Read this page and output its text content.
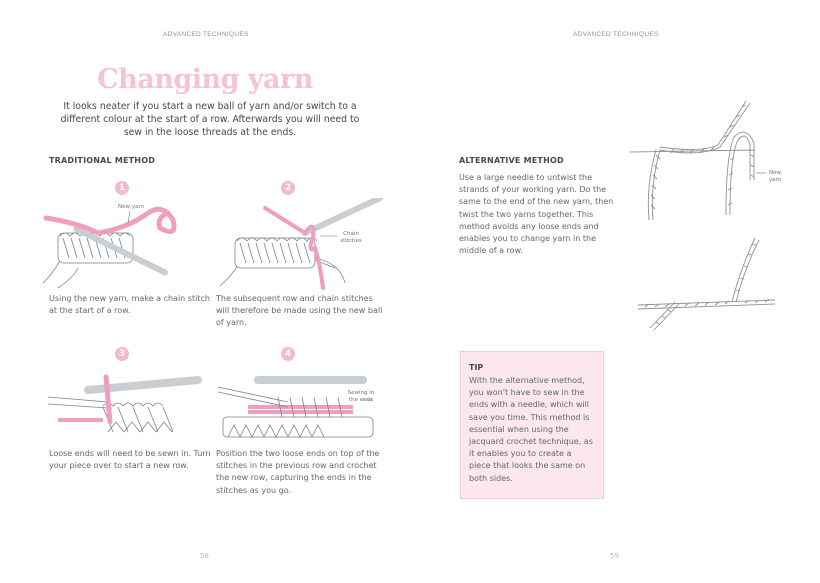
ADVANCED TECHNIQUES
Changing yarn
It looks neater if you start a new ball of yarn and/or switch to a different colour at the start of a row. Afterwards you will need to sew in the loose threads at the ends.
TRADITIONAL METHOD
1
New yarn
Using the new yarn, make a chain stitch at the start of a row.
2
Chain stitches
The subsequent row and chain stitches will therefore be made using the new ball of yarn.
3
Loose ends will need to be sewn in. Turn your piece over to start a new row.
4
Sewing in the ends
Position the two loose ends on top of the stitches in the previous row and crochet the new row, capturing the ends in the stitches as you go.
58
ADVANCED TECHNIQUES
ALTERNATIVE METHOD
Use a large needle to untwist the strands of your working yarn. Do the same to the end of the new yarn, then twist the two yarns together. This method avoids any loose ends and enables you to change yarn in the middle of a row.
New yarn
TIP
With the alternative method, you won't have to sew in the ends with a needle, which will save you time. This method is essential when using the jacquard crochet technique, as it enables you to create a piece that looks the same on both sides.
59
